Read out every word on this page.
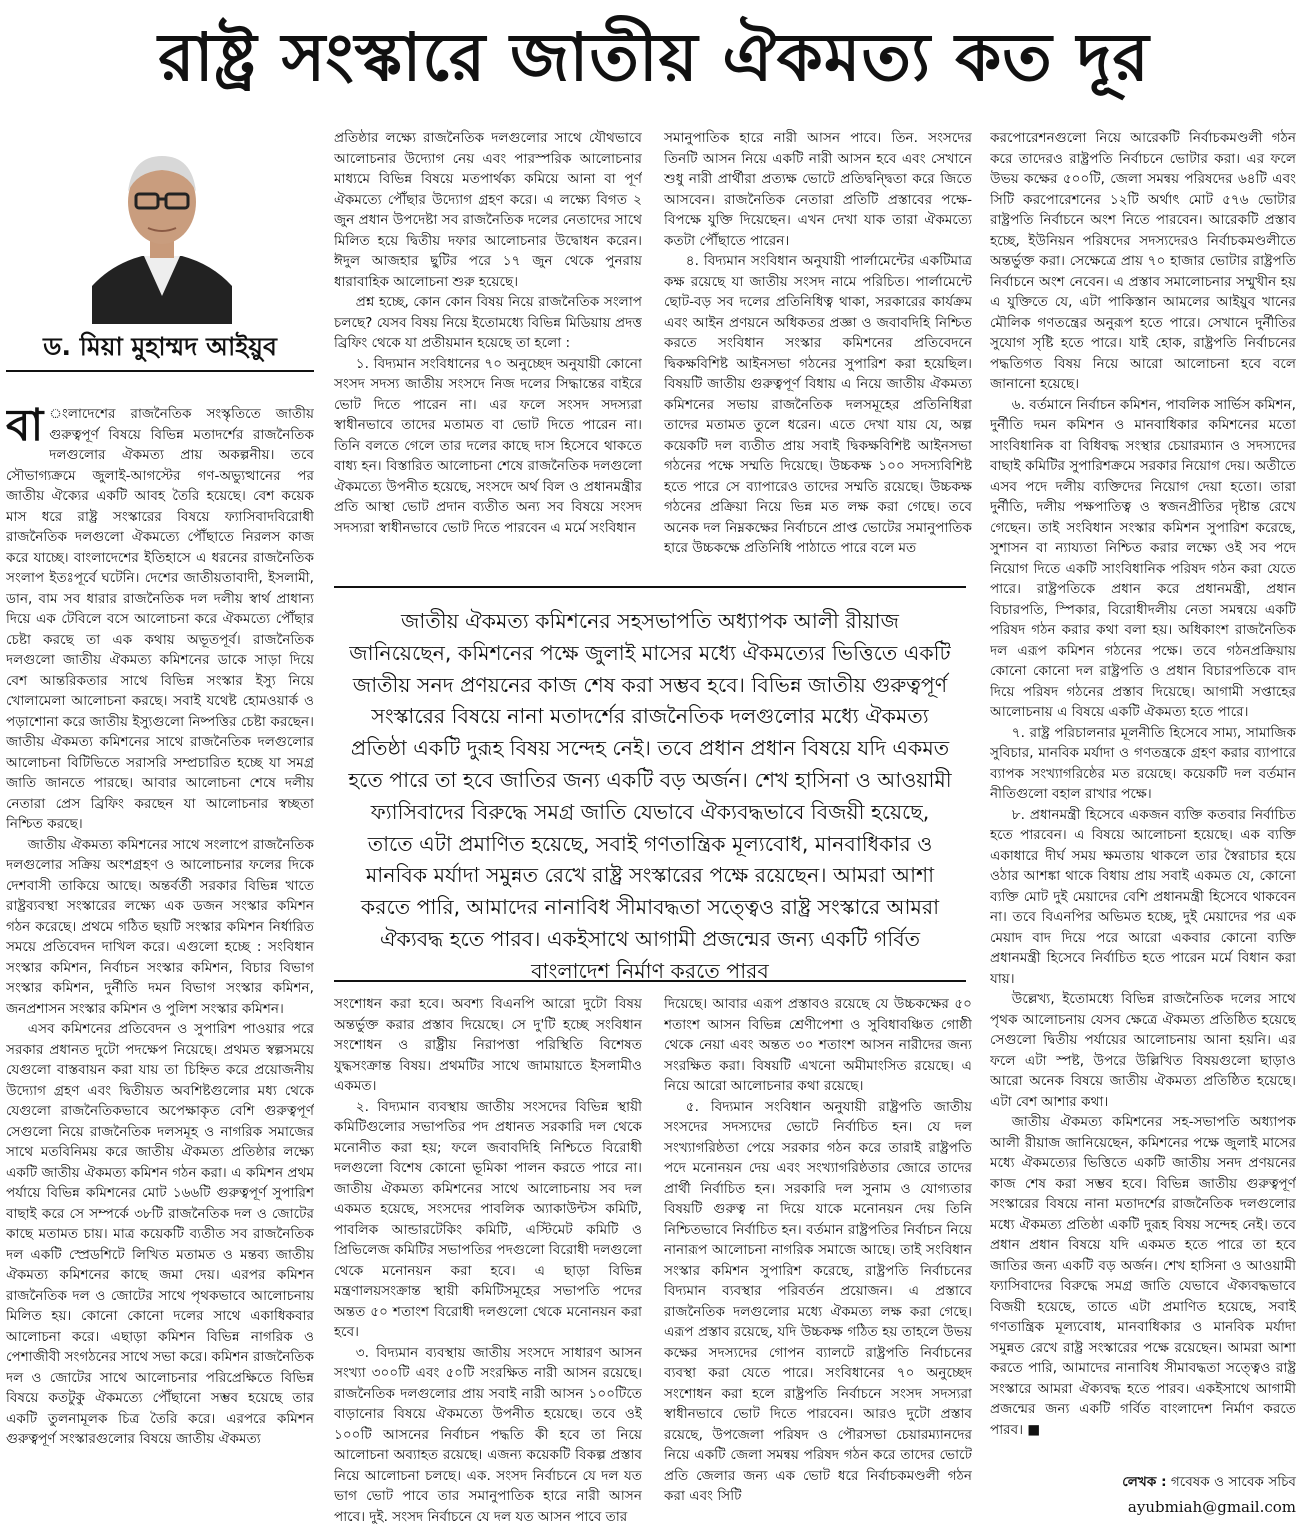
রাষ্ট্র সংস্কারে জাতীয় ঐকমত্য কত দূর
ড. মিয়া মুহাম্মদ আইয়ুব

বা ংলাদেশের রাজনৈতিক সংস্কৃতিতে জাতীয় গুরুত্বপূর্ণ বিষয়ে বিভিন্ন মতাদর্শের রাজনৈতিক দলগুলোর ঐকমত্য প্রায় অকল্পনীয়। তবে সৌভাগ্যক্রমে জুলাই-আগস্টের গণ-অভ্যুত্থানের পর জাতীয় ঐক্যের একটি আবহ তৈরি হয়েছে। বেশ কয়েক মাস ধরে রাষ্ট্র সংস্কারের বিষয়ে ফ্যাসিবাদবিরোধী রাজনৈতিক দলগুলো ঐকমত্যে পৌঁছাতে নিরলস কাজ করে যাচ্ছে। বাংলাদেশের ইতিহাসে এ ধরনের রাজনৈতিক সংলাপ ইতঃপূর্বে ঘটেনি। দেশের জাতীয়তাবাদী, ইসলামী, ডান, বাম সব ধারার রাজনৈতিক দল দলীয় স্বার্থ প্রাধান্য দিয়ে এক টেবিলে বসে আলোচনা করে ঐকমত্যে পৌঁছার চেষ্টা করছে তা এক কথায় অভূতপূর্ব। রাজনৈতিক দলগুলো জাতীয় ঐকমত্য কমিশনের ডাকে সাড়া দিয়ে বেশ আন্তরিকতার সাথে বিভিন্ন সংস্কার ইস্যু নিয়ে খোলামেলা আলোচনা করছে। সবাই যথেষ্ট হোমওয়ার্ক ও পড়াশোনা করে জাতীয় ইস্যুগুলো নিষ্পত্তির চেষ্টা করছেন। জাতীয় ঐকমত্য কমিশনের সাথে রাজনৈতিক দলগুলোর আলোচনা বিটিভিতে সরাসরি সম্প্রচারিত হচ্ছে যা সমগ্র জাতি জানতে পারছে। আবার আলোচনা শেষে দলীয় নেতারা প্রেস ব্রিফিং করছেন যা আলোচনার স্বচ্ছতা নিশ্চিত করছে।

জাতীয় ঐকমত্য কমিশনের সাথে সংলাপে রাজনৈতিক দলগুলোর সক্রিয় অংশগ্রহণ ও আলোচনার ফলের দিকে দেশবাসী তাকিয়ে আছে। অন্তর্বর্তী সরকার বিভিন্ন খাতে রাষ্ট্রব্যবস্থা সংস্কারের লক্ষ্যে এক ডজন সংস্কার কমিশন গঠন করেছে। প্রথমে গঠিত ছয়টি সংস্কার কমিশন নির্ধারিত সময়ে প্রতিবেদন দাখিল করে। এগুলো হচ্ছে : সংবিধান সংস্কার কমিশন, নির্বাচন সংস্কার কমিশন, বিচার বিভাগ সংস্কার কমিশন, দুর্নীতি দমন বিভাগ সংস্কার কমিশন, জনপ্রশাসন সংস্কার কমিশন ও পুলিশ সংস্কার কমিশন।

এসব কমিশনের প্রতিবেদন ও সুপারিশ পাওয়ার পরে সরকার প্রধানত দুটো পদক্ষেপ নিয়েছে। প্রথমত স্বল্পসময়ে যেগুলো বাস্তবায়ন করা যায় তা চিহ্নিত করে প্রয়োজনীয় উদ্যোগ গ্রহণ এবং দ্বিতীয়ত অবশিষ্টগুলোর মধ্য থেকে যেগুলো রাজনৈতিকভাবে অপেক্ষাকৃত বেশি গুরুত্বপূর্ণ সেগুলো নিয়ে রাজনৈতিক দলসমূহ ও নাগরিক সমাজের সাথে মতবিনিময় করে জাতীয় ঐকমত্য প্রতিষ্ঠার লক্ষ্যে একটি জাতীয় ঐকমত্য কমিশন গঠন করা। এ কমিশন প্রথম পর্যায়ে বিভিন্ন কমিশনের মোট ১৬৬টি গুরুত্বপূর্ণ সুপারিশ বাছাই করে সে সম্পর্কে ৩৮টি রাজনৈতিক দল ও জোটের কাছে মতামত চায়। মাত্র কয়েকটি ব্যতীত সব রাজনৈতিক দল একটি স্প্রেডশিটে লিখিত মতামত ও মন্তব্য জাতীয় ঐকমত্য কমিশনের কাছে জমা দেয়। এরপর কমিশন রাজনৈতিক দল ও জোটের সাথে পৃথকভাবে আলোচনায় মিলিত হয়। কোনো কোনো দলের সাথে একাধিকবার আলোচনা করে। এছাড়া কমিশন বিভিন্ন নাগরিক ও পেশাজীবী সংগঠনের সাথে সভা করে। কমিশন রাজনৈতিক দল ও জোটের সাথে আলোচনার পরিপ্রেক্ষিতে বিভিন্ন বিষয়ে কতটুকু ঐকমত্যে পৌঁছানো সম্ভব হয়েছে তার একটি তুলনামূলক চিত্র তৈরি করে। এরপরে কমিশন গুরুত্বপূর্ণ সংস্কারগুলোর বিষয়ে জাতীয় ঐকমত্য

প্রতিষ্ঠার লক্ষ্যে রাজনৈতিক দলগুলোর সাথে যৌথভাবে আলোচনার উদ্যোগ নেয় এবং পারস্পরিক আলোচনার মাধ্যমে বিভিন্ন বিষয়ে মতপার্থক্য কমিয়ে আনা বা পূর্ণ ঐকমত্যে পৌঁছার উদ্যোগ গ্রহণ করে। এ লক্ষ্যে বিগত ২ জুন প্রধান উপদেষ্টা সব রাজনৈতিক দলের নেতাদের সাথে মিলিত হয়ে দ্বিতীয় দফার আলোচনার উদ্বোধন করেন। ঈদুল আজহার ছুটির পরে ১৭ জুন থেকে পুনরায় ধারাবাহিক আলোচনা শুরু হয়েছে।

প্রশ্ন হচ্ছে, কোন কোন বিষয় নিয়ে রাজনৈতিক সংলাপ চলছে? যেসব বিষয় নিয়ে ইতোমধ্যে বিভিন্ন মিডিয়ায় প্রদত্ত ব্রিফিং থেকে যা প্রতীয়মান হয়েছে তা হলো :

১. বিদ্যমান সংবিধানের ৭০ অনুচ্ছেদ অনুযায়ী কোনো সংসদ সদস্য জাতীয় সংসদে নিজ দলের সিদ্ধান্তের বাইরে ভোট দিতে পারেন না। এর ফলে সংসদ সদস্যরা স্বাধীনভাবে তাদের মতামত বা ভোট দিতে পারেন না। তিনি বলতে গেলে তার দলের কাছে দাস হিসেবে থাকতে বাধ্য হন। বিস্তারিত আলোচনা শেষে রাজনৈতিক দলগুলো ঐকমত্যে উপনীত হয়েছে, সংসদে অর্থ বিল ও প্রধানমন্ত্রীর প্রতি আস্থা ভোট প্রদান ব্যতীত অন্য সব বিষয়ে সংসদ সদস্যরা স্বাধীনভাবে ভোট দিতে পারবেন এ মর্মে সংবিধান

সমানুপাতিক হারে নারী আসন পাবে। তিন. সংসদের তিনটি আসন নিয়ে একটি নারী আসন হবে এবং সেখানে শুধু নারী প্রার্থীরা প্রত্যক্ষ ভোটে প্রতিদ্বন্দ্বিতা করে জিতে আসবেন। রাজনৈতিক নেতারা প্রতিটি প্রস্তাবের পক্ষে-বিপক্ষে যুক্তি দিয়েছেন। এখন দেখা যাক তারা ঐকমত্যে কতটা পৌঁছাতে পারেন।

৪. বিদ্যমান সংবিধান অনুযায়ী পার্লামেন্টের একটিমাত্র কক্ষ রয়েছে যা জাতীয় সংসদ নামে পরিচিত। পার্লামেন্টে ছোট-বড় সব দলের প্রতিনিধিত্ব থাকা, সরকারের কার্যক্রম এবং আইন প্রণয়নে অধিকতর প্রজ্ঞা ও জবাবদিহি নিশ্চিত করতে সংবিধান সংস্কার কমিশনের প্রতিবেদনে দ্বিকক্ষবিশিষ্ট আইনসভা গঠনের সুপারিশ করা হয়েছিল। বিষয়টি জাতীয় গুরুত্বপূর্ণ বিধায় এ নিয়ে জাতীয় ঐকমত্য কমিশনের সভায় রাজনৈতিক দলসমূহের প্রতিনিধিরা তাদের মতামত তুলে ধরেন। এতে দেখা যায় যে, অল্প কয়েকটি দল ব্যতীত প্রায় সবাই দ্বিকক্ষবিশিষ্ট আইনসভা গঠনের পক্ষে সম্মতি দিয়েছে। উচ্চকক্ষ ১০০ সদস্যবিশিষ্ট হতে পারে সে ব্যাপারেও তাদের সম্মতি রয়েছে। উচ্চকক্ষ গঠনের প্রক্রিয়া নিয়ে ভিন্ন মত লক্ষ করা গেছে। তবে অনেক দল নিম্নকক্ষের নির্বাচনে প্রাপ্ত ভোটের সমানুপাতিক হারে উচ্চকক্ষে প্রতিনিধি পাঠাতে পারে বলে মত

জাতীয় ঐকমত্য কমিশনের সহসভাপতি অধ্যাপক আলী রীয়াজ জানিয়েছেন, কমিশনের পক্ষে জুলাই মাসের মধ্যে ঐকমত্যের ভিত্তিতে একটি জাতীয় সনদ প্রণয়নের কাজ শেষ করা সম্ভব হবে। বিভিন্ন জাতীয় গুরুত্বপূর্ণ সংস্কারের বিষয়ে নানা মতাদর্শের রাজনৈতিক দলগুলোর মধ্যে ঐকমত্য প্রতিষ্ঠা একটি দুরূহ বিষয় সন্দেহ নেই। তবে প্রধান প্রধান বিষয়ে যদি একমত হতে পারে তা হবে জাতির জন্য একটি বড় অর্জন। শেখ হাসিনা ও আওয়ামী ফ্যাসিবাদের বিরুদ্ধে সমগ্র জাতি যেভাবে ঐক্যবদ্ধভাবে বিজয়ী হয়েছে, তাতে এটা প্রমাণিত হয়েছে, সবাই গণতান্ত্রিক মূল্যবোধ, মানবাধিকার ও মানবিক মর্যাদা সমুন্নত রেখে রাষ্ট্র সংস্কারের পক্ষে রয়েছেন। আমরা আশা করতে পারি, আমাদের নানাবিধ সীমাবদ্ধতা সত্ত্বেও রাষ্ট্র সংস্কারে আমরা ঐক্যবদ্ধ হতে পারব। একইসাথে আগামী প্রজন্মের জন্য একটি গর্বিত বাংলাদেশ নির্মাণ করতে পারব

সংশোধন করা হবে। অবশ্য বিএনপি আরো দুটো বিষয় অন্তর্ভুক্ত করার প্রস্তাব দিয়েছে। সে দু'টি হচ্ছে সংবিধান সংশোধন ও রাষ্ট্রীয় নিরাপত্তা পরিস্থিতি বিশেষত যুদ্ধসংক্রান্ত বিষয়। প্রথমটির সাথে জামায়াতে ইসলামীও একমত।

২. বিদ্যমান ব্যবস্থায় জাতীয় সংসদের বিভিন্ন স্থায়ী কমিটিগুলোর সভাপতির পদ প্রধানত সরকারি দল থেকে মনোনীত করা হয়; ফলে জবাবদিহি নিশ্চিতে বিরোধী দলগুলো বিশেষ কোনো ভূমিকা পালন করতে পারে না। জাতীয় ঐকমত্য কমিশনের সাথে আলোচনায় সব দল একমত হয়েছে, সংসদের পাবলিক অ্যাকাউন্টস কমিটি, পাবলিক আন্ডারটেকিং কমিটি, এস্টিমেট কমিটি ও প্রিভিলেজ কমিটির সভাপতির পদগুলো বিরোধী দলগুলো থেকে মনোনয়ন করা হবে। এ ছাড়া বিভিন্ন মন্ত্রণালয়সংক্রান্ত স্থায়ী কমিটিসমূহের সভাপতি পদের অন্তত ৫০ শতাংশ বিরোধী দলগুলো থেকে মনোনয়ন করা হবে।

৩. বিদ্যমান ব্যবস্থায় জাতীয় সংসদে সাধারণ আসন সংখ্যা ৩০০টি এবং ৫০টি সংরক্ষিত নারী আসন রয়েছে। রাজনৈতিক দলগুলোর প্রায় সবাই নারী আসন ১০০টিতে বাড়ানোর বিষয়ে ঐকমত্যে উপনীত হয়েছে। তবে ওই ১০০টি আসনের নির্বাচন পদ্ধতি কী হবে তা নিয়ে আলোচনা অব্যাহত রয়েছে। এজন্য কয়েকটি বিকল্প প্রস্তাব নিয়ে আলোচনা চলছে। এক. সংসদ নির্বাচনে যে দল যত ভাগ ভোট পাবে তার সমানুপাতিক হারে নারী আসন পাবে। দুই. সংসদ নির্বাচনে যে দল যত আসন পাবে তার

দিয়েছে। আবার এরূপ প্রস্তাবও রয়েছে যে উচ্চকক্ষের ৫০ শতাংশ আসন বিভিন্ন শ্রেণীপেশা ও সুবিধাবঞ্চিত গোষ্ঠী থেকে নেয়া এবং অন্তত ৩০ শতাংশ আসন নারীদের জন্য সংরক্ষিত করা। বিষয়টি এখনো অমীমাংসিত রয়েছে। এ নিয়ে আরো আলোচনার কথা রয়েছে।

৫. বিদ্যমান সংবিধান অনুযায়ী রাষ্ট্রপতি জাতীয় সংসদের সদস্যদের ভোটে নির্বাচিত হন। যে দল সংখ্যাগরিষ্ঠতা পেয়ে সরকার গঠন করে তারাই রাষ্ট্রপতি পদে মনোনয়ন দেয় এবং সংখ্যাগরিষ্ঠতার জোরে তাদের প্রার্থী নির্বাচিত হন। সরকারি দল সুনাম ও যোগ্যতার বিষয়টি গুরুত্ব না দিয়ে যাকে মনোনয়ন দেয় তিনি নিশ্চিতভাবে নির্বাচিত হন। বর্তমান রাষ্ট্রপতির নির্বাচন নিয়ে নানারূপ আলোচনা নাগরিক সমাজে আছে। তাই সংবিধান সংস্কার কমিশন সুপারিশ করেছে, রাষ্ট্রপতি নির্বাচনের বিদ্যমান ব্যবস্থার পরিবর্তন প্রয়োজন। এ প্রস্তাবে রাজনৈতিক দলগুলোর মধ্যে ঐকমত্য লক্ষ করা গেছে। এরূপ প্রস্তাব রয়েছে, যদি উচ্চকক্ষ গঠিত হয় তাহলে উভয় কক্ষের সদস্যদের গোপন ব্যালটে রাষ্ট্রপতি নির্বাচনের ব্যবস্থা করা যেতে পারে। সংবিধানের ৭০ অনুচ্ছেদ সংশোধন করা হলে রাষ্ট্রপতি নির্বাচনে সংসদ সদস্যরা স্বাধীনভাবে ভোট দিতে পারবেন। আরও দুটো প্রস্তাব রয়েছে, উপজেলা পরিষদ ও পৌরসভা চেয়ারম্যানদের নিয়ে একটি জেলা সমন্বয় পরিষদ গঠন করে তাদের ভোটে প্রতি জেলার জন্য এক ভোট ধরে নির্বাচকমণ্ডলী গঠন করা এবং সিটি

করপোরেশনগুলো নিয়ে আরেকটি নির্বাচকমণ্ডলী গঠন করে তাদেরও রাষ্ট্রপতি নির্বাচনে ভোটার করা। এর ফলে উভয় কক্ষের ৫০০টি, জেলা সমন্বয় পরিষদের ৬৪টি এবং সিটি করপোরেশনের ১২টি অর্থাৎ মোট ৫৭৬ ভোটার রাষ্ট্রপতি নির্বাচনে অংশ নিতে পারবেন। আরেকটি প্রস্তাব হচ্ছে, ইউনিয়ন পরিষদের সদস্যদেরও নির্বাচকমণ্ডলীতে অন্তর্ভুক্ত করা। সেক্ষেত্রে প্রায় ৭০ হাজার ভোটার রাষ্ট্রপতি নির্বাচনে অংশ নেবেন। এ প্রস্তাব সমালোচনার সম্মুখীন হয় এ যুক্তিতে যে, এটা পাকিস্তান আমলের আইয়ুব খানের মৌলিক গণতন্ত্রের অনুরূপ হতে পারে। সেখানে দুর্নীতির সুযোগ সৃষ্টি হতে পারে। যাই হোক, রাষ্ট্রপতি নির্বাচনের পদ্ধতিগত বিষয় নিয়ে আরো আলোচনা হবে বলে জানানো হয়েছে।

৬. বর্তমানে নির্বাচন কমিশন, পাবলিক সার্ভিস কমিশন, দুর্নীতি দমন কমিশন ও মানবাধিকার কমিশনের মতো সাংবিধানিক বা বিধিবদ্ধ সংস্থার চেয়ারম্যান ও সদস্যদের বাছাই কমিটির সুপারিশক্রমে সরকার নিয়োগ দেয়। অতীতে এসব পদে দলীয় ব্যক্তিদের নিয়োগ দেয়া হতো। তারা দুর্নীতি, দলীয় পক্ষপাতিত্ব ও স্বজনপ্রীতির দৃষ্টান্ত রেখে গেছেন। তাই সংবিধান সংস্কার কমিশন সুপারিশ করেছে, সুশাসন বা ন্যায্যতা নিশ্চিত করার লক্ষ্যে ওই সব পদে নিয়োগ দিতে একটি সাংবিধানিক পরিষদ গঠন করা যেতে পারে। রাষ্ট্রপতিকে প্রধান করে প্রধানমন্ত্রী, প্রধান বিচারপতি, স্পিকার, বিরোধীদলীয় নেতা সমন্বয়ে একটি পরিষদ গঠন করার কথা বলা হয়। অধিকাংশ রাজনৈতিক দল এরূপ কমিশন গঠনের পক্ষে। তবে গঠনপ্রক্রিয়ায় কোনো কোনো দল রাষ্ট্রপতি ও প্রধান বিচারপতিকে বাদ দিয়ে পরিষদ গঠনের প্রস্তাব দিয়েছে। আগামী সপ্তাহের আলোচনায় এ বিষয়ে একটি ঐকমত্য হতে পারে।

৭. রাষ্ট্র পরিচালনার মূলনীতি হিসেবে সাম্য, সামাজিক সুবিচার, মানবিক মর্যাদা ও গণতন্ত্রকে গ্রহণ করার ব্যাপারে ব্যাপক সংখ্যাগরিষ্ঠের মত রয়েছে। কয়েকটি দল বর্তমান নীতিগুলো বহাল রাখার পক্ষে।

৮. প্রধানমন্ত্রী হিসেবে একজন ব্যক্তি কতবার নির্বাচিত হতে পারবেন। এ বিষয়ে আলোচনা হয়েছে। এক ব্যক্তি একাধারে দীর্ঘ সময় ক্ষমতায় থাকলে তার স্বৈরাচার হয়ে ওঠার আশঙ্কা থাকে বিধায় প্রায় সবাই একমত যে, কোনো ব্যক্তি মোট দুই মেয়াদের বেশি প্রধানমন্ত্রী হিসেবে থাকবেন না। তবে বিএনপির অভিমত হচ্ছে, দুই মেয়াদের পর এক মেয়াদ বাদ দিয়ে পরে আরো একবার কোনো ব্যক্তি প্রধানমন্ত্রী হিসেবে নির্বাচিত হতে পারেন মর্মে বিধান করা যায়।

উল্লেখ্য, ইতোমধ্যে বিভিন্ন রাজনৈতিক দলের সাথে পৃথক আলোচনায় যেসব ক্ষেত্রে ঐকমত্য প্রতিষ্ঠিত হয়েছে সেগুলো দ্বিতীয় পর্যায়ের আলোচনায় আনা হয়নি। এর ফলে এটা স্পষ্ট, উপরে উল্লিখিত বিষয়গুলো ছাড়াও আরো অনেক বিষয়ে জাতীয় ঐকমত্য প্রতিষ্ঠিত হয়েছে। এটা বেশ আশার কথা।

জাতীয় ঐকমত্য কমিশনের সহ-সভাপতি অধ্যাপক আলী রীয়াজ জানিয়েছেন, কমিশনের পক্ষে জুলাই মাসের মধ্যে ঐকমত্যের ভিত্তিতে একটি জাতীয় সনদ প্রণয়নের কাজ শেষ করা সম্ভব হবে। বিভিন্ন জাতীয় গুরুত্বপূর্ণ সংস্কারের বিষয়ে নানা মতাদর্শের রাজনৈতিক দলগুলোর মধ্যে ঐকমত্য প্রতিষ্ঠা একটি দুরূহ বিষয় সন্দেহ নেই। তবে প্রধান প্রধান বিষয়ে যদি একমত হতে পারে তা হবে জাতির জন্য একটি বড় অর্জন। শেখ হাসিনা ও আওয়ামী ফ্যাসিবাদের বিরুদ্ধে সমগ্র জাতি যেভাবে ঐক্যবদ্ধভাবে বিজয়ী হয়েছে, তাতে এটা প্রমাণিত হয়েছে, সবাই গণতান্ত্রিক মূল্যবোধ, মানবাধিকার ও মানবিক মর্যাদা সমুন্নত রেখে রাষ্ট্র সংস্কারের পক্ষে রয়েছেন। আমরা আশা করতে পারি, আমাদের নানাবিধ সীমাবদ্ধতা সত্ত্বেও রাষ্ট্র সংস্কারে আমরা ঐক্যবদ্ধ হতে পারব। একইসাথে আগামী প্রজন্মের জন্য একটি গর্বিত বাংলাদেশ নির্মাণ করতে পারব। ■

লেখক : গবেষক ও সাবেক সচিব
ayubmiah@gmail.com
